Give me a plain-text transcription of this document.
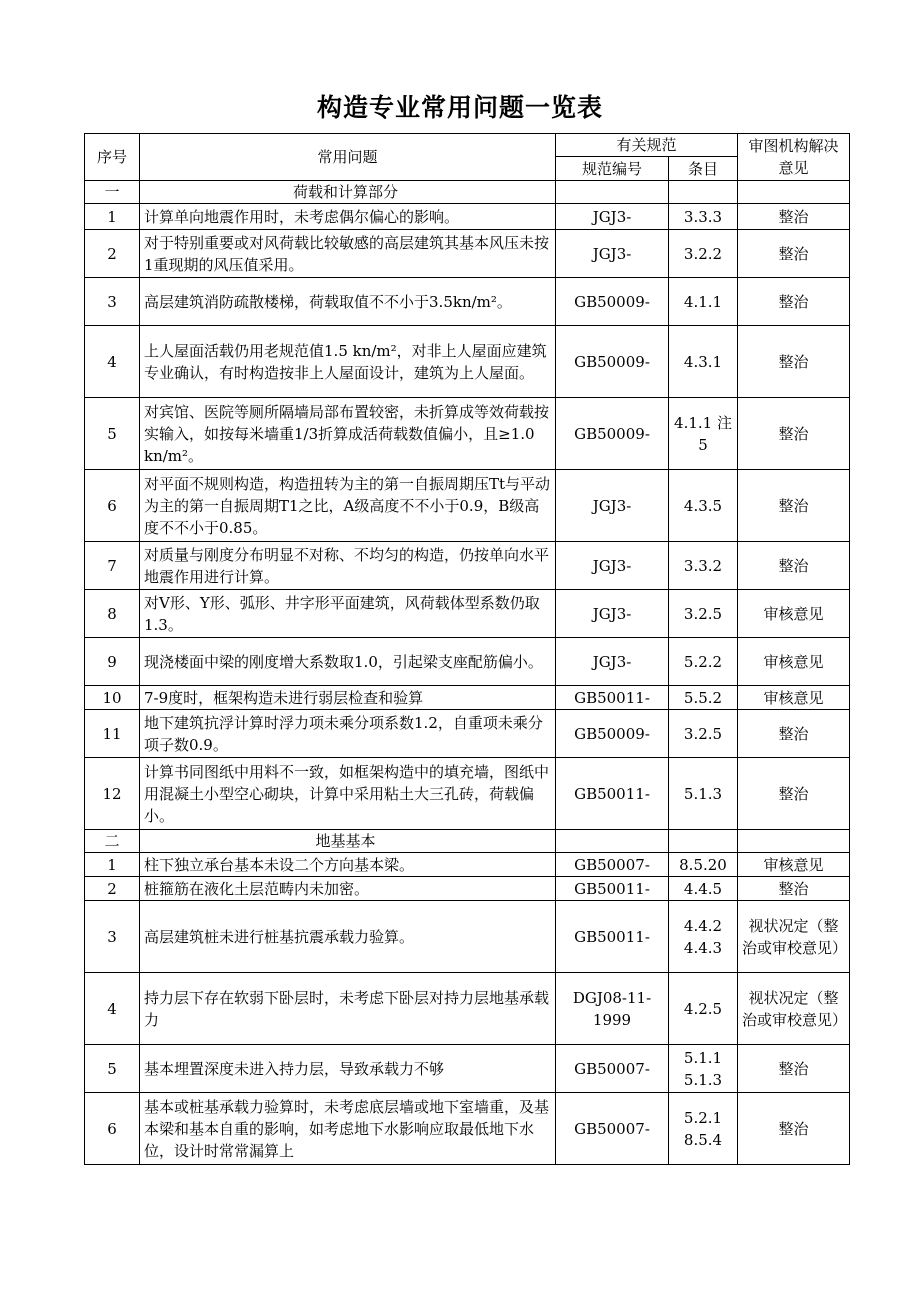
构造专业常用问题一览表
序号	常用问题	有关规范		审图机构解决意见
		规范编号	条目	
一	荷载和计算部分			
1	计算单向地震作用时，未考虑偶尔偏心的影响。	JGJ3-	3.3.3	整治
2	对于特别重要或对风荷载比较敏感的高层建筑其基本风压未按1重现期的风压值采用。	JGJ3-	3.2.2	整治
3	高层建筑消防疏散楼梯，荷载取值不不小于3.5kn/m²。	GB50009-	4.1.1	整治
4	上人屋面活载仍用老规范值1.5 kn/m²，对非上人屋面应建筑专业确认，有时构造按非上人屋面设计，建筑为上人屋面。	GB50009-	4.3.1	整治
5	对宾馆、医院等厕所隔墙局部布置较密，未折算成等效荷载按实输入，如按每米墙重1/3折算成活荷载数值偏小，且≥1.0 kn/m²。	GB50009-	4.1.1 注5	整治
6	对平面不规则构造，构造扭转为主的第一自振周期压Tt与平动为主的第一自振周期T1之比，A级高度不不小于0.9，B级高度不不小于0.85。	JGJ3-	4.3.5	整治
7	对质量与刚度分布明显不对称、不均匀的构造，仍按单向水平地震作用进行计算。	JGJ3-	3.3.2	整治
8	对V形、Y形、弧形、井字形平面建筑，风荷载体型系数仍取1.3。	JGJ3-	3.2.5	审核意见
9	现浇楼面中梁的刚度增大系数取1.0，引起梁支座配筋偏小。	JGJ3-	5.2.2	审核意见
10	7-9度时，框架构造未进行弱层检查和验算	GB50011-	5.5.2	审核意见
11	地下建筑抗浮计算时浮力项未乘分项系数1.2，自重项未乘分项子数0.9。	GB50009-	3.2.5	整治
12	计算书同图纸中用料不一致，如框架构造中的填充墙，图纸中用混凝土小型空心砌块，计算中采用粘土大三孔砖，荷载偏小。	GB50011-	5.1.3	整治
二	地基基本			
1	柱下独立承台基本未设二个方向基本梁。	GB50007-	8.5.20	审核意见
2	桩箍筋在液化土层范畴内未加密。	GB50011-	4.4.5	整治
3	高层建筑桩未进行桩基抗震承载力验算。	GB50011-	4.4.2 4.4.3	视状况定（整治或审校意见）
4	持力层下存在软弱下卧层时，未考虑下卧层对持力层地基承载力	DGJ08-11-1999	4.2.5	视状况定（整治或审校意见）
5	基本埋置深度未进入持力层，导致承载力不够	GB50007-	5.1.1 5.1.3	整治
6	基本或桩基承载力验算时，未考虑底层墙或地下室墙重，及基本梁和基本自重的影响，如考虑地下水影响应取最低地下水位，设计时常常漏算上	GB50007-	5.2.1 8.5.4	整治
